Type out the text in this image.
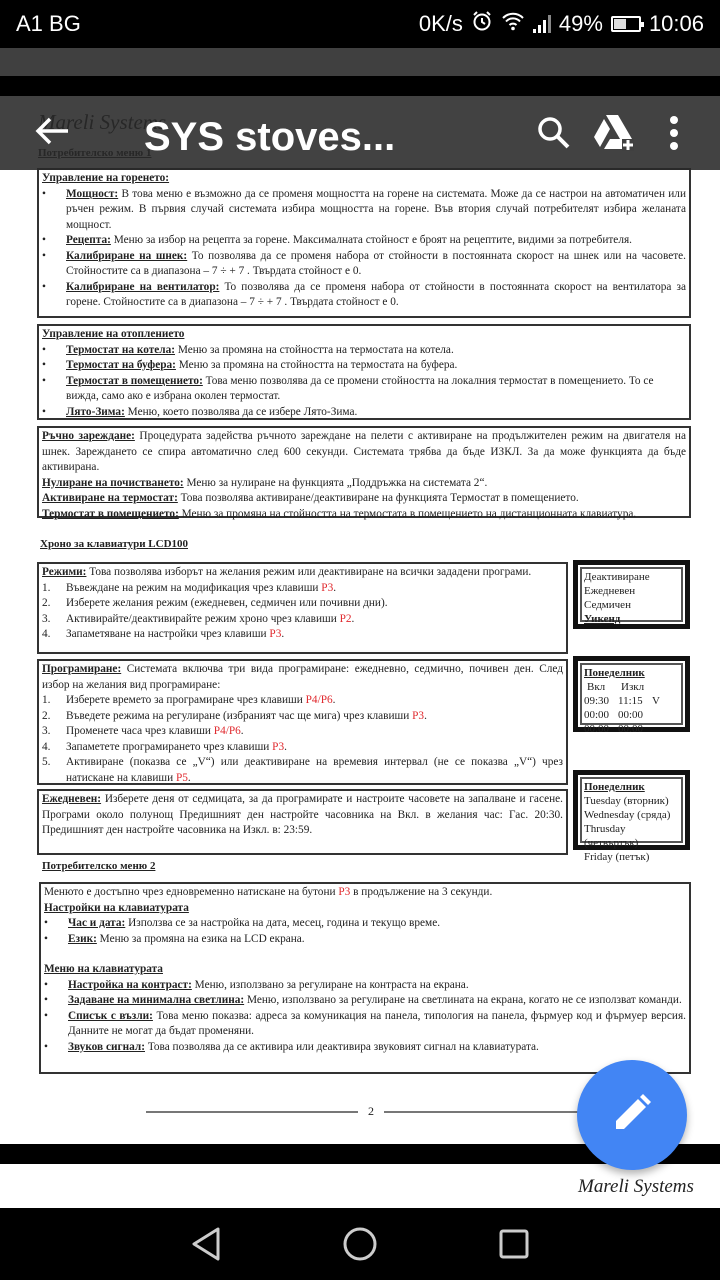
A1 BG	0K/s	49% 10:06
SYS stoves...
Управление на горенето:
• Мощност: В това меню е възможно да се променя мощността на горене на системата. Може да се настрои на автоматичен или ръчен режим. В първия случай системата избира мощността на горене. Във втория случай потребителят избира желаната мощност.
• Рецепта: Меню за избор на рецепта за горене. Максималната стойност е броят на рецептите, видими за потребителя.
• Калибриране на шнек: То позволява да се променя набора от стойности в постоянната скорост на шнек или на часовете. Стойностите са в диапазона – 7 ÷ + 7 . Твърдата стойност е 0.
• Калибриране на вентилатор: То позволява да се променя набора от стойности в постоянната скорост на вентилатора за горене. Стойностите са в диапазона – 7 ÷ + 7 . Твърдата стойност е 0.
Управление на отоплението
• Термостат на котела: Меню за промяна на стойността на термостата на котела.
• Термостат на буфера: Меню за промяна на стойността на термостата на буфера.
• Термостат в помещението: Това меню позволява да се промени стойността на локалния термостат в помещението. То се вижда, само ако е избрана околен термостат.
• Лято-Зима: Меню, което позволява да се избере Лято-Зима.
Ръчно зареждане: Процедурата задейства ръчното зареждане на пелети с активиране на продължителен режим на двигателя на шнек. Зареждането се спира автоматично след 600 секунди. Системата трябва да бъде ИЗКЛ. За да може функцията да бъде активирана.
Нулиране на почистването: Меню за нулиране на функцията „Поддръжка на системата 2“.
Активиране на термостат: Това позволява активиране/деактивиране на функцията Термостат в помещението.
Термостат в помещението: Меню за промяна на стойността на термостата в помещението на дистанционната клавиатура.
Хроно за клавиатури LCD100
Режими: Това позволява изборът на желания режим или деактивиране на всички зададени програми.
1. Въвеждане на режим на модификация чрез клавиши P3.
2. Изберете желания режим (ежедневен, седмичен или почивни дни).
3. Активирайте/деактивирайте режим хроно чрез клавиши P2.
4. Запаметяване на настройки чрез клавиши P3.
Деактивиране
Ежедневен
Седмичен
Уикенд
Програмиране: Системата включва три вида програмиране: ежедневно, седмично, почивен ден. След избор на желания вид програмиране:
1. Изберете времето за програмиране чрез клавиши P4/P6.
2. Въведете режима на регулиране (избраният час ще мига) чрез клавиши P3.
3. Променете часа чрез клавиши P4/P6.
4. Запаметете програмирането чрез клавиши P3.
5. Активиране (показва се „V“) или деактивиране на времевия интервал (не се показва „V“) чрез натискане на клавиши P5.
Понеделник
Вкл Изкл
09:30 11:15 V
00:00 00:00
00:00 00:00
Ежедневен: Изберете деня от седмицата, за да програмирате и настроите часовете на запалване и гасене. Програми около полунощ Предишният ден настройте часовника на Вкл. в желания час: Гас. 20:30. Предишният ден настройте часовника на Изкл. в: 23:59.
Понеделник
Tuesday (вторник)
Wednesday (сряда)
Thrusday (четвъртък)
Friday (петък)
Потребителско меню 2
Менюто е достъпно чрез едновременно натискане на бутони P3 в продължение на 3 секунди.
Настройки на клавиатурата
• Час и дата: Използва се за настройка на дата, месец, година и текущо време.
• Език: Меню за промяна на езика на LCD екрана.
Меню на клавиатурата
• Настройка на контраст: Меню, използвано за регулиране на контраста на екрана.
• Задаване на минимална светлина: Меню, използвано за регулиране на светлината на екрана, когато не се използват команди.
• Списък с възли: Това меню показва: адреса за комуникация на панела, типология на панела, фърмуер код и фърмуер версия. Данните не могат да бъдат променяни.
• Звуков сигнал: Това позволява да се активира или деактивира звуковият сигнал на клавиатурата.
2
Mareli Systems
